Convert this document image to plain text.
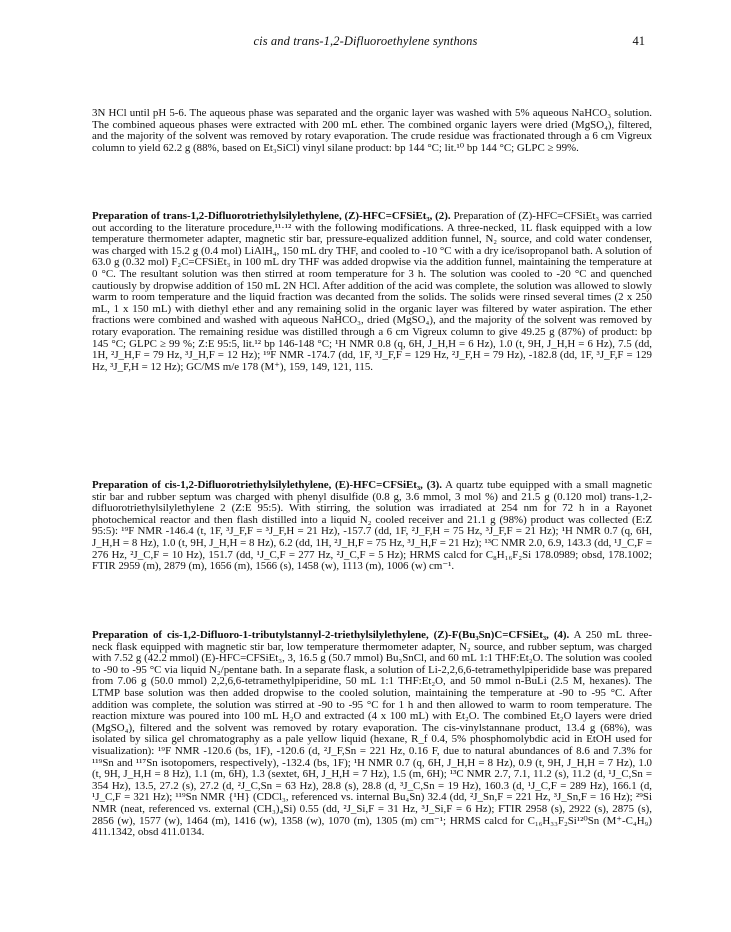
cis and trans-1,2-Difluoroethylene synthons	41

3N HCl until pH 5-6. The aqueous phase was separated and the organic layer was washed with 5% aqueous NaHCO₃ solution. The combined aqueous phases were extracted with 200 mL ether. The combined organic layers were dried (MgSO₄), filtered, and the majority of the solvent was removed by rotary evaporation. The crude residue was fractionated through a 6 cm Vigreux column to yield 62.2 g (88%, based on Et₃SiCl) vinyl silane product: bp 144 °C; lit.¹⁰ bp 144 °C; GLPC ≥ 99%.

Preparation of trans-1,2-Difluorotriethylsilylethylene, (Z)-HFC=CFSiEt₃, (2). Preparation of (Z)-HFC=CFSiEt₃ was carried out according to the literature procedure,¹¹·¹² with the following modifications. A three-necked, 1L flask equipped with a low temperature thermometer adapter, magnetic stir bar, pressure-equalized addition funnel, N₂ source, and cold water condenser, was charged with 15.2 g (0.4 mol) LiAlH₄, 150 mL dry THF, and cooled to -10 °C with a dry ice/isopropanol bath. A solution of 63.0 g (0.32 mol) F₂C=CFSiEt₃ in 100 mL dry THF was added dropwise via the addition funnel, maintaining the temperature at 0 °C. The resultant solution was then stirred at room temperature for 3 h. The solution was cooled to -20 °C and quenched cautiously by dropwise addition of 150 mL 2N HCl. After addition of the acid was complete, the solution was allowed to slowly warm to room temperature and the liquid fraction was decanted from the solids. The solids were rinsed several times (2 x 250 mL, 1 x 150 mL) with diethyl ether and any remaining solid in the organic layer was filtered by water aspiration. The ether fractions were combined and washed with aqueous NaHCO₃, dried (MgSO₄), and the majority of the solvent was removed by rotary evaporation. The remaining residue was distilled through a 6 cm Vigreux column to give 49.25 g (87%) of product: bp 145 °C; GLPC ≥ 99 %; Z:E 95:5, lit.¹² bp 146-148 °C; ¹H NMR 0.8 (q, 6H, J_H,H = 6 Hz), 1.0 (t, 9H, J_H,H = 6 Hz), 7.5 (dd, 1H, ²J_H,F = 79 Hz, ³J_H,F = 12 Hz); ¹⁹F NMR -174.7 (dd, 1F, ³J_F,F = 129 Hz, ²J_F,H = 79 Hz), -182.8 (dd, 1F, ³J_F,F = 129 Hz, ³J_F,H = 12 Hz); GC/MS m/e 178 (M⁺), 159, 149, 121, 115.

Preparation of cis-1,2-Difluorotriethylsilylethylene, (E)-HFC=CFSiEt₃, (3). A quartz tube equipped with a small magnetic stir bar and rubber septum was charged with phenyl disulfide (0.8 g, 3.6 mmol, 3 mol %) and 21.5 g (0.120 mol) trans-1,2-difluorotriethylsilylethylene 2 (Z:E 95:5). With stirring, the solution was irradiated at 254 nm for 72 h in a Rayonet photochemical reactor and then flash distilled into a liquid N₂ cooled receiver and 21.1 g (98%) product was collected (E:Z 95:5): ¹⁹F NMR -146.4 (t, 1F, ³J_F,F = ³J_F,H = 21 Hz), -157.7 (dd, 1F, ²J_F,H = 75 Hz, ³J_F,F = 21 Hz); ¹H NMR 0.7 (q, 6H, J_H,H = 8 Hz), 1.0 (t, 9H, J_H,H = 8 Hz), 6.2 (dd, 1H, ²J_H,F = 75 Hz, ³J_H,F = 21 Hz); ¹³C NMR 2.0, 6.9, 143.3 (dd, ¹J_C,F = 276 Hz, ²J_C,F = 10 Hz), 151.7 (dd, ¹J_C,F = 277 Hz, ²J_C,F = 5 Hz); HRMS calcd for C₈H₁₆F₂Si 178.0989; obsd, 178.1002; FTIR 2959 (m), 2879 (m), 1656 (m), 1566 (s), 1458 (w), 1113 (m), 1006 (w) cm⁻¹.

Preparation of cis-1,2-Difluoro-1-tributylstannyl-2-triethylsilylethylene, (Z)-F(Bu₃Sn)C=CFSiEt₃, (4). A 250 mL three-neck flask equipped with magnetic stir bar, low temperature thermometer adapter, N₂ source, and rubber septum, was charged with 7.52 g (42.2 mmol) (E)-HFC=CFSiEt₃, 3, 16.5 g (50.7 mmol) Bu₃SnCl, and 60 mL 1:1 THF:Et₂O. The solution was cooled to -90 to -95 °C via liquid N₂/pentane bath. In a separate flask, a solution of Li-2,2,6,6-tetramethylpiperidide base was prepared from 7.06 g (50.0 mmol) 2,2,6,6-tetramethylpiperidine, 50 mL 1:1 THF:Et₂O, and 50 mmol n-BuLi (2.5 M, hexanes). The LTMP base solution was then added dropwise to the cooled solution, maintaining the temperature at -90 to -95 °C. After addition was complete, the solution was stirred at -90 to -95 °C for 1 h and then allowed to warm to room temperature. The reaction mixture was poured into 100 mL H₂O and extracted (4 x 100 mL) with Et₂O. The combined Et₂O layers were dried (MgSO₄), filtered and the solvent was removed by rotary evaporation. The cis-vinylstannane product, 13.4 g (68%), was isolated by silica gel chromatography as a pale yellow liquid (hexane, R_f 0.4, 5% phosphomolybdic acid in EtOH used for visualization): ¹⁹F NMR -120.6 (bs, 1F), -120.6 (d, ²J_F,Sn = 221 Hz, 0.16 F, due to natural abundances of 8.6 and 7.3% for ¹¹⁹Sn and ¹¹⁷Sn isotopomers, respectively), -132.4 (bs, 1F); ¹H NMR 0.7 (q, 6H, J_H,H = 8 Hz), 0.9 (t, 9H, J_H,H = 7 Hz), 1.0 (t, 9H, J_H,H = 8 Hz), 1.1 (m, 6H), 1.3 (sextet, 6H, J_H,H = 7 Hz), 1.5 (m, 6H); ¹³C NMR 2.7, 7.1, 11.2 (s), 11.2 (d, ¹J_C,Sn = 354 Hz), 13.5, 27.2 (s), 27.2 (d, ²J_C,Sn = 63 Hz), 28.8 (s), 28.8 (d, ³J_C,Sn = 19 Hz), 160.3 (d, ¹J_C,F = 289 Hz), 166.1 (d, ¹J_C,F = 321 Hz); ¹¹⁹Sn NMR {¹H} (CDCl₃, referenced vs. internal Bu₄Sn) 32.4 (dd, ²J_Sn,F = 221 Hz, ³J_Sn,F = 16 Hz); ²⁹Si NMR (neat, referenced vs. external (CH₃)₄Si) 0.55 (dd, ²J_Si,F = 31 Hz, ³J_Si,F = 6 Hz); FTIR 2958 (s), 2922 (s), 2875 (s), 2856 (w), 1577 (w), 1464 (m), 1416 (w), 1358 (w), 1070 (m), 1305 (m) cm⁻¹; HRMS calcd for C₁₆H₃₃F₂Si¹²⁰Sn (M⁺-C₄H₉) 411.1342, obsd 411.0134.
